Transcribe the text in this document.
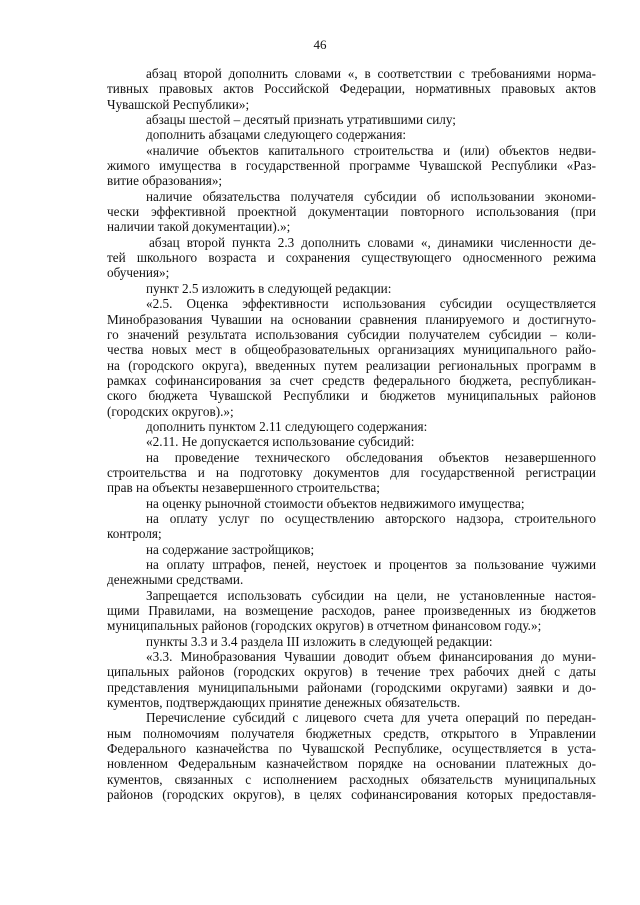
46
абзац второй дополнить словами «, в соответствии с требованиями норма-
тивных правовых актов Российской Федерации, нормативных правовых актов
Чувашской Республики»;
абзацы шестой – десятый признать утратившими силу;
дополнить абзацами следующего содержания:
«наличие объектов капитального строительства и (или) объектов недви-
жимого имущества в государственной программе Чувашской Республики «Раз-
витие образования»;
наличие обязательства получателя субсидии об использовании экономи-
чески эффективной проектной документации повторного использования (при
наличии такой документации).»;
абзац второй пункта 2.3 дополнить словами «, динамики численности де-
тей школьного возраста и сохранения существующего односменного режима
обучения»;
пункт 2.5 изложить в следующей редакции:
«2.5. Оценка эффективности использования субсидии осуществляется
Минобразования Чувашии на основании сравнения планируемого и достигнуто-
го значений результата использования субсидии получателем субсидии – коли-
чества новых мест в общеобразовательных организациях муниципального райо-
на (городского округа), введенных путем реализации региональных программ в
рамках софинансирования за счет средств федерального бюджета, республикан-
ского бюджета Чувашской Республики и бюджетов муниципальных районов
(городских округов).»;
дополнить пунктом 2.11 следующего содержания:
«2.11. Не допускается использование субсидий:
на проведение технического обследования объектов незавершенного
строительства и на подготовку документов для государственной регистрации
прав на объекты незавершенного строительства;
на оценку рыночной стоимости объектов недвижимого имущества;
на оплату услуг по осуществлению авторского надзора, строительного
контроля;
на содержание застройщиков;
на оплату штрафов, пеней, неустоек и процентов за пользование чужими
денежными средствами.
Запрещается использовать субсидии на цели, не установленные настоя-
щими Правилами, на возмещение расходов, ранее произведенных из бюджетов
муниципальных районов (городских округов) в отчетном финансовом году.»;
пункты 3.3 и 3.4 раздела III изложить в следующей редакции:
«3.3. Минобразования Чувашии доводит объем финансирования до муни-
ципальных районов (городских округов) в течение трех рабочих дней с даты
представления муниципальными районами (городскими округами) заявки и до-
кументов, подтверждающих принятие денежных обязательств.
Перечисление субсидий с лицевого счета для учета операций по передан-
ным полномочиям получателя бюджетных средств, открытого в Управлении
Федерального казначейства по Чувашской Республике, осуществляется в уста-
новленном Федеральным казначейством порядке на основании платежных до-
кументов, связанных с исполнением расходных обязательств муниципальных
районов (городских округов), в целях софинансирования которых предоставля-
